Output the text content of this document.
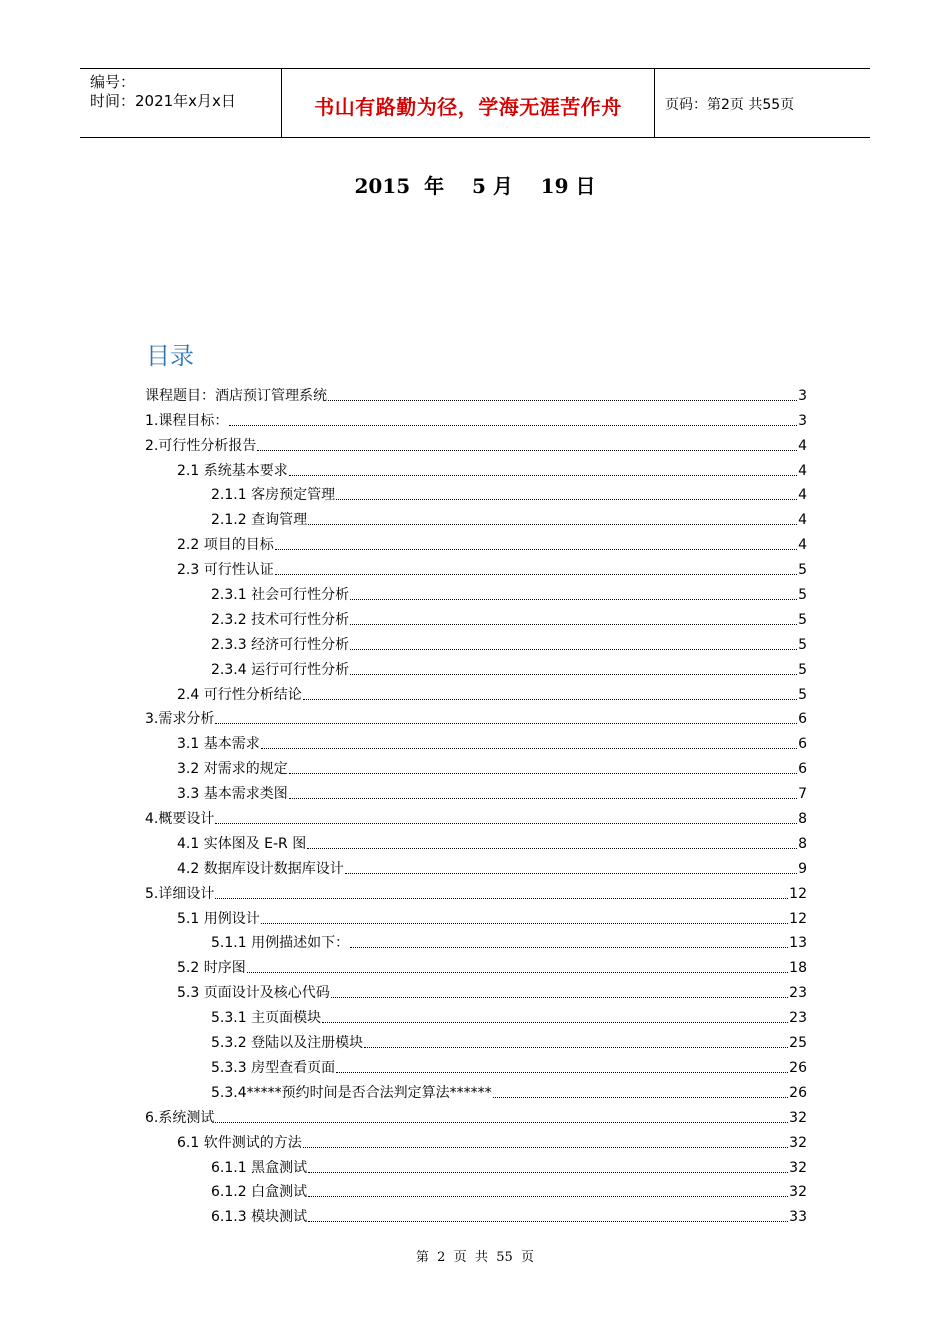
编号：
时间：2021年x月x日	书山有路勤为径，学海无涯苦作舟	页码：第2页 共55页
2015  年    5 月    19 日
目录
课程题目：酒店预订管理系统	3
1.课程目标：	3
2.可行性分析报告	4
2.1 系统基本要求	4
2.1.1 客房预定管理	4
2.1.2 查询管理	4
2.2 项目的目标	4
2.3 可行性认证	5
2.3.1 社会可行性分析	5
2.3.2 技术可行性分析	5
2.3.3 经济可行性分析	5
2.3.4 运行可行性分析	5
2.4 可行性分析结论	5
3.需求分析	6
3.1 基本需求	6
3.2 对需求的规定	6
3.3 基本需求类图	7
4.概要设计	8
4.1 实体图及 E-R 图	8
4.2 数据库设计数据库设计	9
5.详细设计	12
5.1 用例设计	12
5.1.1 用例描述如下：	13
5.2 时序图	18
5.3 页面设计及核心代码	23
5.3.1 主页面模块	23
5.3.2 登陆以及注册模块	25
5.3.3 房型查看页面	26
5.3.4*****预约时间是否合法判定算法******	26
6.系统测试	32
6.1 软件测试的方法	32
6.1.1 黑盒测试	32
6.1.2 白盒测试	32
6.1.3 模块测试	33
第  2  页  共  55  页
